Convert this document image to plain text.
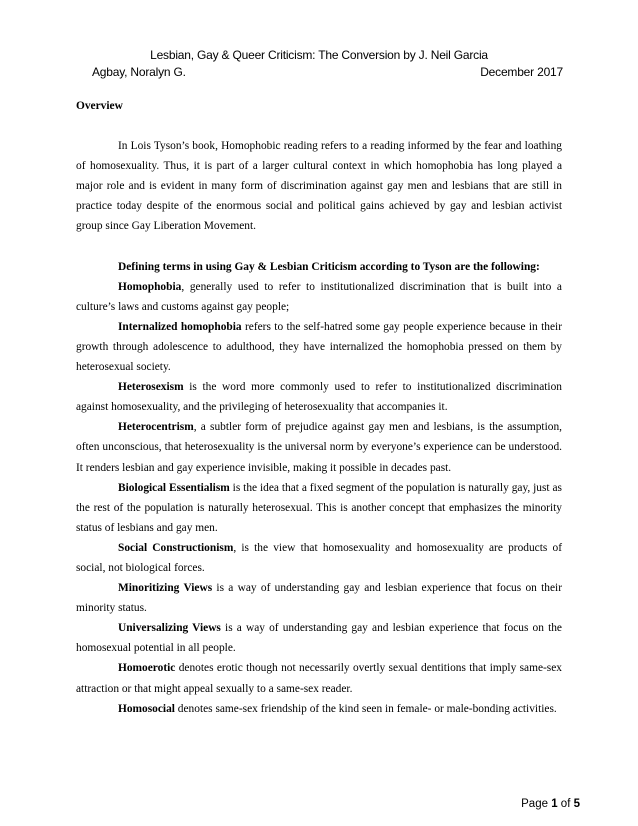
Lesbian, Gay & Queer Criticism: The Conversion by J. Neil Garcia
Agbay, Noralyn G.	December 2017
Overview

In Lois Tyson’s book, Homophobic reading refers to a reading informed by the fear and loathing of homosexuality. Thus, it is part of a larger cultural context in which homophobia has long played a major role and is evident in many form of discrimination against gay men and lesbians that are still in practice today despite of the enormous social and political gains achieved by gay and lesbian activist group since Gay Liberation Movement.

Defining terms in using Gay & Lesbian Criticism according to Tyson are the following:

Homophobia, generally used to refer to institutionalized discrimination that is built into a culture’s laws and customs against gay people;

Internalized homophobia refers to the self-hatred some gay people experience because in their growth through adolescence to adulthood, they have internalized the homophobia pressed on them by heterosexual society.

Heterosexism is the word more commonly used to refer to institutionalized discrimination against homosexuality, and the privileging of heterosexuality that accompanies it.

Heterocentrism, a subtler form of prejudice against gay men and lesbians, is the assumption, often unconscious, that heterosexuality is the universal norm by everyone’s experience can be understood. It renders lesbian and gay experience invisible, making it possible in decades past.

Biological Essentialism is the idea that a fixed segment of the population is naturally gay, just as the rest of the population is naturally heterosexual. This is another concept that emphasizes the minority status of lesbians and gay men.

Social Constructionism, is the view that homosexuality and homosexuality are products of social, not biological forces.

Minoritizing Views is a way of understanding gay and lesbian experience that focus on their minority status.

Universalizing Views is a way of understanding gay and lesbian experience that focus on the homosexual potential in all people.

Homoerotic denotes erotic though not necessarily overtly sexual dentitions that imply same-sex attraction or that might appeal sexually to a same-sex reader.

Homosocial denotes same-sex friendship of the kind seen in female- or male-bonding activities.

Page 1 of 5
